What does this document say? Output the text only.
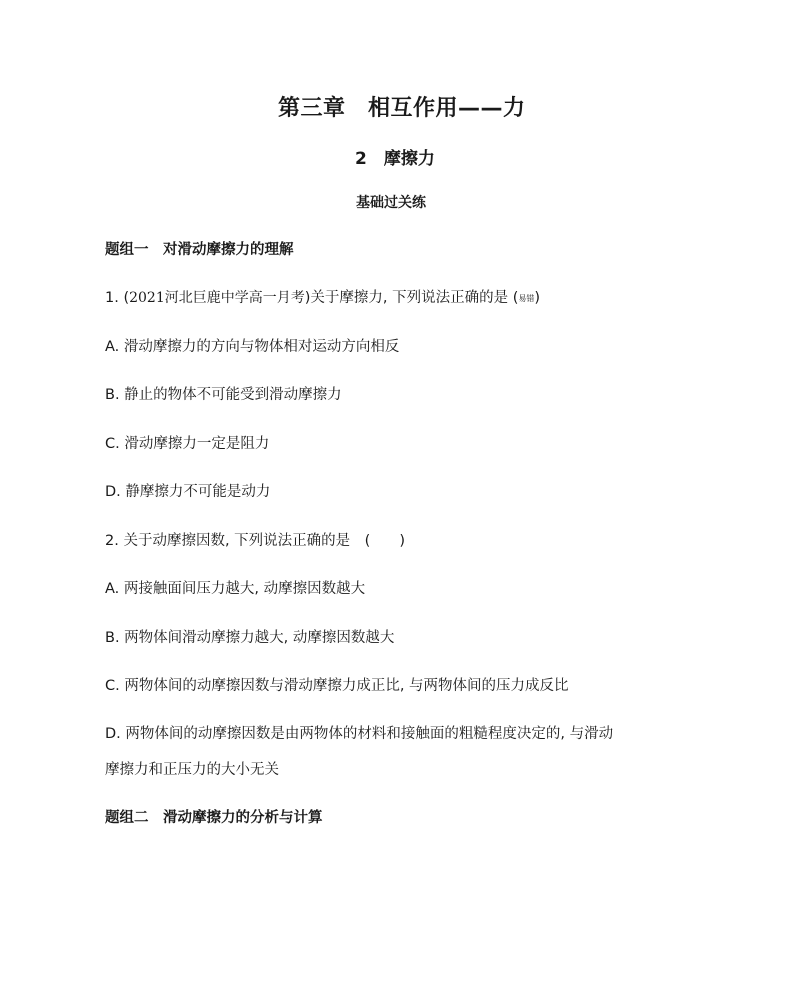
第三章　相互作用——力
2　摩擦力
基础过关练
题组一　对滑动摩擦力的理解
1. (2021河北巨鹿中学高一月考)关于摩擦力, 下列说法正确的是 (易错)
A. 滑动摩擦力的方向与物体相对运动方向相反
B. 静止的物体不可能受到滑动摩擦力
C. 滑动摩擦力一定是阻力
D. 静摩擦力不可能是动力
2. 关于动摩擦因数, 下列说法正确的是　(　　)
A. 两接触面间压力越大, 动摩擦因数越大
B. 两物体间滑动摩擦力越大, 动摩擦因数越大
C. 两物体间的动摩擦因数与滑动摩擦力成正比, 与两物体间的压力成反比
D. 两物体间的动摩擦因数是由两物体的材料和接触面的粗糙程度决定的, 与滑动
摩擦力和正压力的大小无关
题组二　滑动摩擦力的分析与计算
